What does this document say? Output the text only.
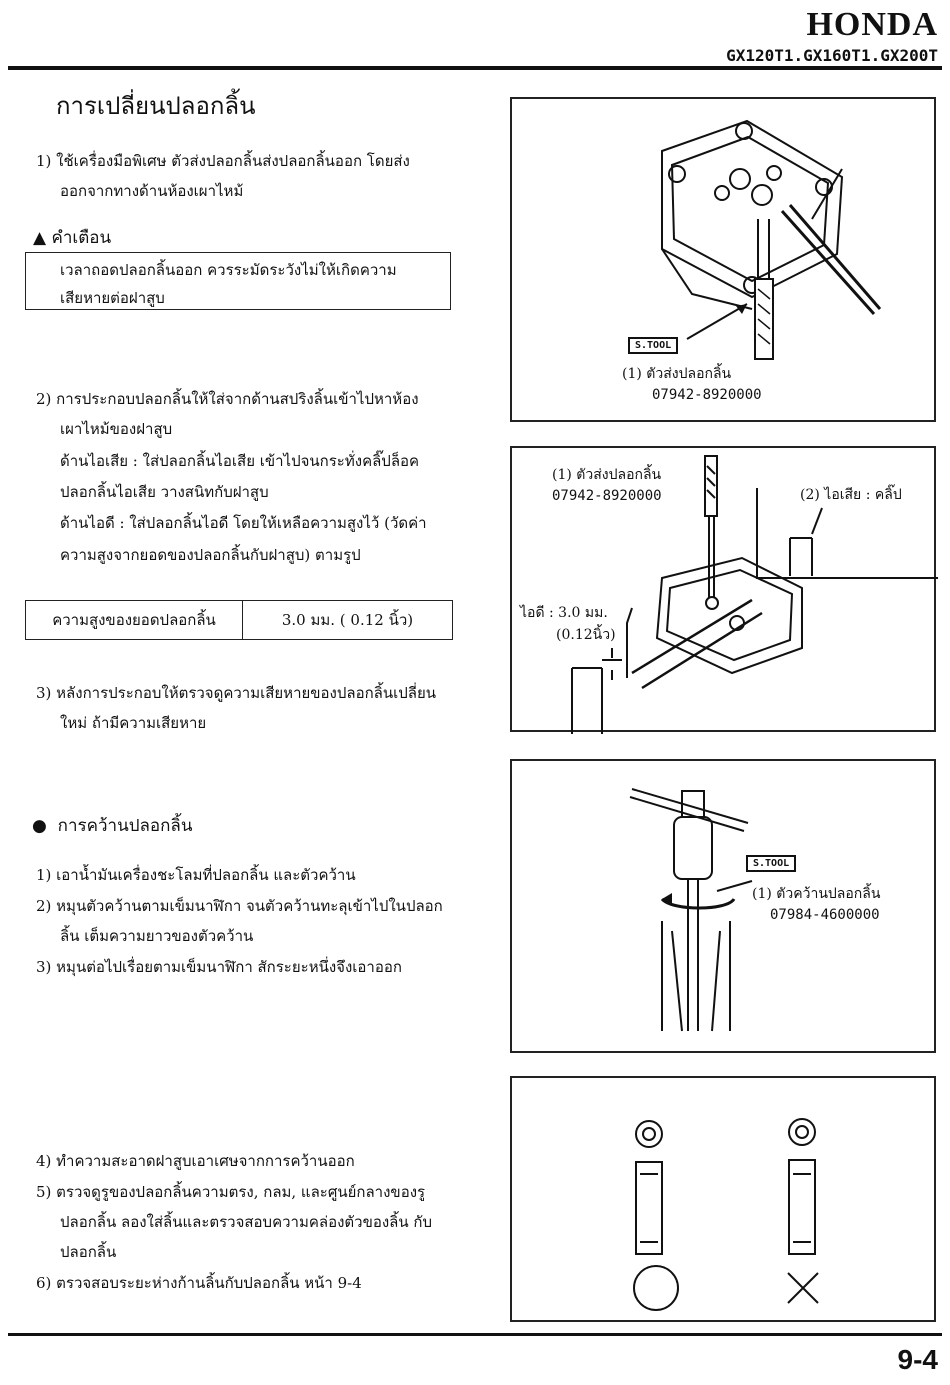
HONDA
GX120T1.GX160T1.GX200T
การเปลี่ยนปลอกลิ้น
1) ใช้เครื่องมือพิเศษ ตัวส่งปลอกลิ้นส่งปลอกลิ้นออก โดยส่ง
ออกจากทางด้านห้องเผาไหม้
▲ คำเตือน
เวลาถอดปลอกลิ้นออก ควรระมัดระวังไม่ให้เกิดความ
เสียหายต่อฝาสูบ
2) การประกอบปลอกลิ้นให้ใส่จากด้านสปริงลิ้นเข้าไปหาห้อง
เผาไหม้ของฝาสูบ
ด้านไอเสีย : ใส่ปลอกลิ้นไอเสีย เข้าไปจนกระทั่งคลิ๊ปล็อค
ปลอกลิ้นไอเสีย วางสนิทกับฝาสูบ
ด้านไอดี : ใส่ปลอกลิ้นไอดี โดยให้เหลือความสูงไว้ (วัดค่า
ความสูงจากยอดของปลอกลิ้นกับฝาสูบ) ตามรูป
ความสูงของยอดปลอกลิ้น	3.0 มม. ( 0.12 นิ้ว)
3) หลังการประกอบให้ตรวจดูความเสียหายของปลอกลิ้นเปลี่ยน
ใหม่ ถ้ามีความเสียหาย
●  การคว้านปลอกลิ้น
1) เอาน้ำมันเครื่องชะโลมที่ปลอกลิ้น และตัวคว้าน
2) หมุนตัวคว้านตามเข็มนาฬิกา จนตัวคว้านทะลุเข้าไปในปลอก
ลิ้น เต็มความยาวของตัวคว้าน
3) หมุนต่อไปเรื่อยตามเข็มนาฬิกา สักระยะหนึ่งจึงเอาออก
4) ทำความสะอาดฝาสูบเอาเศษจากการคว้านออก
5) ตรวจดูรูของปลอกลิ้นความตรง, กลม, และศูนย์กลางของรู
ปลอกลิ้น ลองใส่ลิ้นและตรวจสอบความคล่องตัวของลิ้น กับ
ปลอกลิ้น
6) ตรวจสอบระยะห่างก้านลิ้นกับปลอกลิ้น หน้า 9-4
S.TOOL
(1) ตัวส่งปลอกลิ้น
07942-8920000
(1) ตัวส่งปลอกลิ้น
07942-8920000	(2) ไอเสีย : คลิ๊ป
ไอดี : 3.0 มม.
(0.12นิ้ว)
S.TOOL
(1) ตัวคว้านปลอกลิ้น
07984-4600000
9-4
